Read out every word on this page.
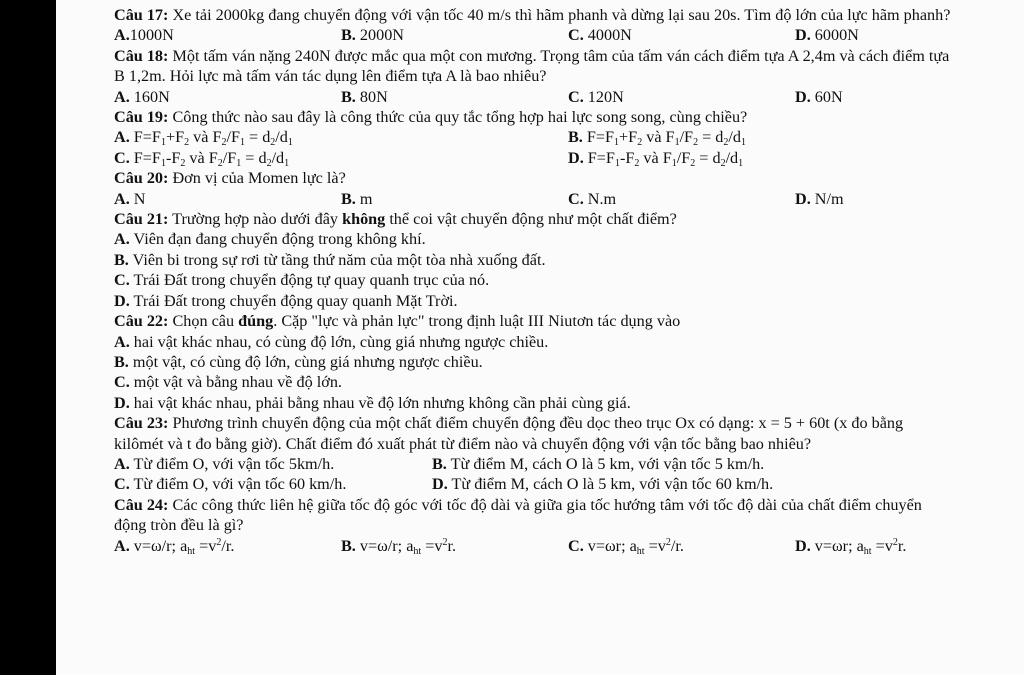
Câu 17: Xe tải 2000kg đang chuyển động với vận tốc 40 m/s thì hãm phanh và dừng lại sau 20s. Tìm độ lớn của lực hãm phanh?

A.1000N	B. 2000N	C. 4000N	D. 6000N

Câu 18: Một tấm ván nặng 240N được mắc qua một con mương. Trọng tâm của tấm ván cách điểm tựa A 2,4m và cách điểm tựa B 1,2m. Hỏi lực mà tấm ván tác dụng lên điểm tựa A là bao nhiêu?

A. 160N	B. 80N	C. 120N	D. 60N

Câu 19: Công thức nào sau đây là công thức của quy tắc tổng hợp hai lực song song, cùng chiều?

A. $F=F_1+F_2$ và $F_2/F_1 = d_2/d_1$	B. $F=F_1+F_2$ và $F_1/F_2 = d_2/d_1$
C. $F=F_1-F_2$ và $F_2/F_1 = d_2/d_1$	D. $F=F_1-F_2$ và $F_1/F_2 = d_2/d_1$

Câu 20: Đơn vị của Momen lực là?

A. N	B. m	C. N.m	D. N/m

Câu 21: Trường hợp nào dưới đây không thể coi vật chuyển động như một chất điểm?

A. Viên đạn đang chuyển động trong không khí.
B. Viên bi trong sự rơi từ tầng thứ năm của một tòa nhà xuống đất.
C. Trái Đất trong chuyển động tự quay quanh trục của nó.
D. Trái Đất trong chuyển động quay quanh Mặt Trời.

Câu 22: Chọn câu đúng. Cặp "lực và phản lực" trong định luật III Niutơn tác dụng vào

A. hai vật khác nhau, có cùng độ lớn, cùng giá nhưng ngược chiều.
B. một vật, có cùng độ lớn, cùng giá nhưng ngược chiều.
C. một vật và bằng nhau về độ lớn.
D. hai vật khác nhau, phải bằng nhau về độ lớn nhưng không cần phải cùng giá.

Câu 23: Phương trình chuyển động của một chất điểm chuyển động đều dọc theo trục Ox có dạng: x = 5 + 60t (x đo bằng kilômét và t đo bằng giờ). Chất điểm đó xuất phát từ điểm nào và chuyển động với vận tốc bằng bao nhiêu?

A. Từ điểm O, với vận tốc 5km/h.	B. Từ điểm M, cách O là 5 km, với vận tốc 5 km/h.
C. Từ điểm O, với vận tốc 60 km/h.	D. Từ điểm M, cách O là 5 km, với vận tốc 60 km/h.

Câu 24: Các công thức liên hệ giữa tốc độ góc với tốc độ dài và giữa gia tốc hướng tâm với tốc độ dài của chất điểm chuyển động tròn đều là gì?

A. v=ω/r; $a_{ht} =v^2/r$.	B. v=ω/r; $a_{ht} =v^2r$.	C. v=ωr; $a_{ht} =v^2/r$.	D. v=ωr; $a_{ht} =v^2r$.
